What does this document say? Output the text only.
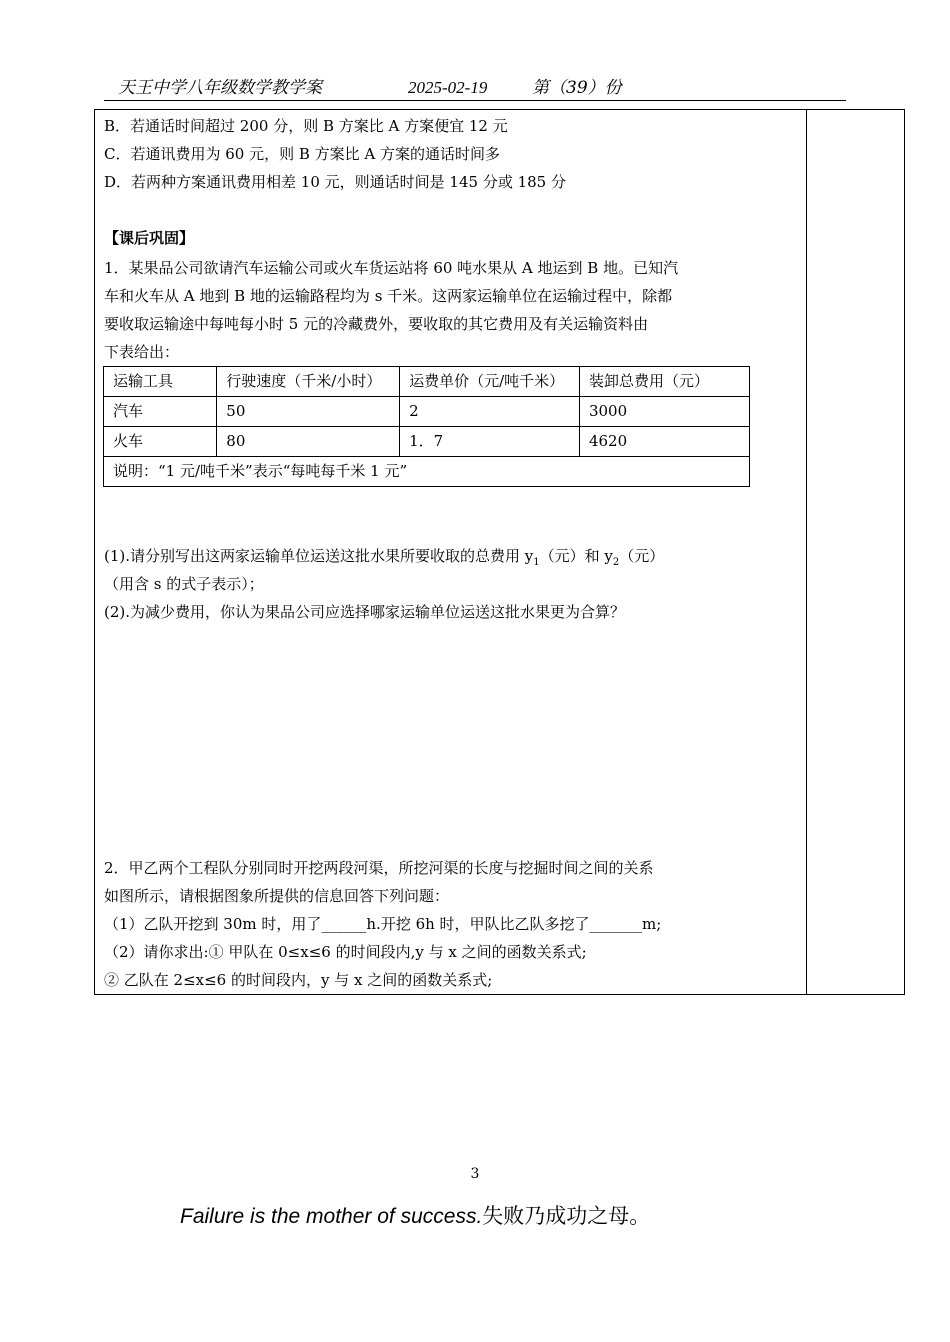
天王中学八年级数学教学案	2025-02-19	第（39）份
B．若通话时间超过 200 分，则 B 方案比 A 方案便宜 12 元
C．若通讯费用为 60 元，则 B 方案比 A 方案的通话时间多
D．若两种方案通讯费用相差 10 元，则通话时间是 145 分或 185 分
【课后巩固】
1．某果品公司欲请汽车运输公司或火车货运站将 60 吨水果从 A 地运到 B 地。已知汽
车和火车从 A 地到 B 地的运输路程均为 s 千米。这两家运输单位在运输过程中，除都
要收取运输途中每吨每小时 5 元的冷藏费外，要收取的其它费用及有关运输资料由
下表给出：
运输工具	行驶速度（千米/小时）	运费单价（元/吨千米）	装卸总费用（元）
汽车	50	2	3000
火车	80	1．7	4620
说明：“1 元/吨千米”表示“每吨每千米 1 元”			
(1).请分别写出这两家运输单位运送这批水果所要收取的总费用 $y_1$（元）和 $y_2$（元）
（用含 s 的式子表示）；
(2).为减少费用，你认为果品公司应选择哪家运输单位运送这批水果更为合算？
2．甲乙两个工程队分别同时开挖两段河渠，所挖河渠的长度与挖掘时间之间的关系
如图所示，请根据图象所提供的信息回答下列问题：
（1）乙队开挖到 30m 时，用了______h.开挖 6h 时，甲队比乙队多挖了_______m;
（2）请你求出:① 甲队在 0≤x≤6 的时间段内,y 与 x 之间的函数关系式;
② 乙队在 2≤x≤6 的时间段内，y 与 x 之间的函数关系式;
3
Failure is the mother of success.失败乃成功之母。
